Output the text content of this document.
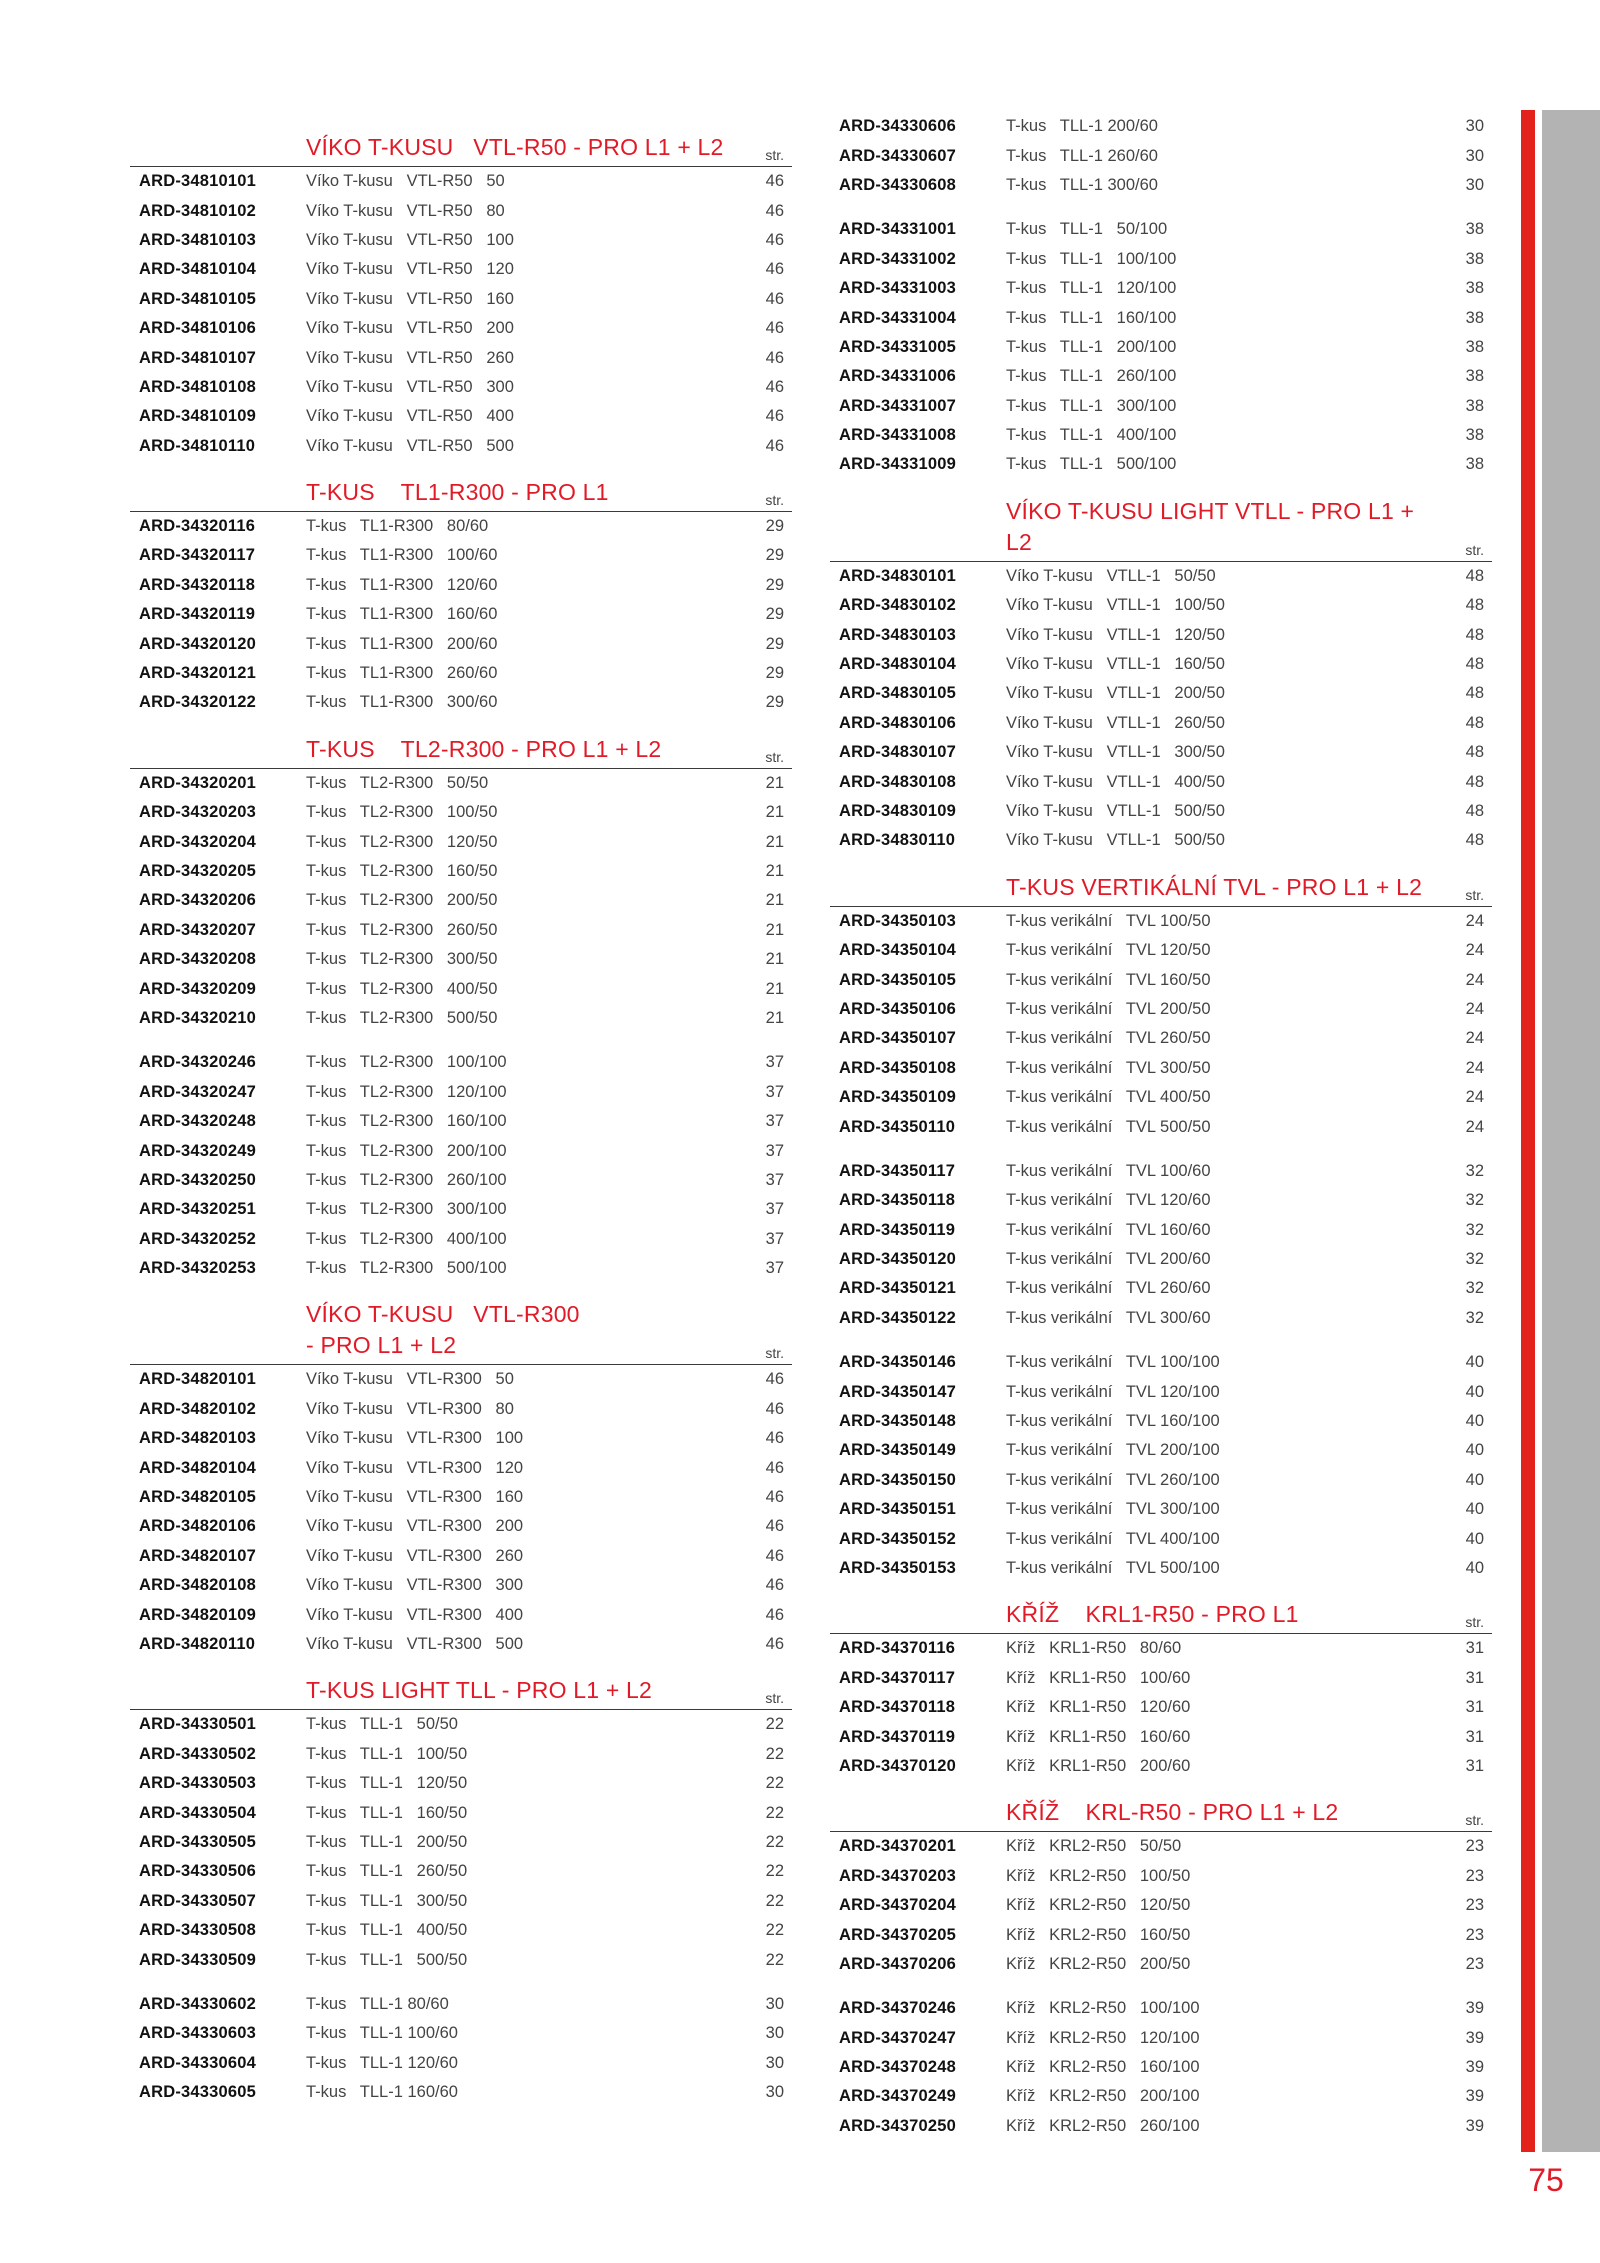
VÍKO T-KUSU   VTL-R50 - PRO L1 + L2	str.
ARD-34810101	Víko T-kusu   VTL-R50   50	46
ARD-34810102	Víko T-kusu   VTL-R50   80	46
ARD-34810103	Víko T-kusu   VTL-R50   100	46
ARD-34810104	Víko T-kusu   VTL-R50   120	46
ARD-34810105	Víko T-kusu   VTL-R50   160	46
ARD-34810106	Víko T-kusu   VTL-R50   200	46
ARD-34810107	Víko T-kusu   VTL-R50   260	46
ARD-34810108	Víko T-kusu   VTL-R50   300	46
ARD-34810109	Víko T-kusu   VTL-R50   400	46
ARD-34810110	Víko T-kusu   VTL-R50   500	46
T-KUS    TL1-R300 - PRO L1	str.
ARD-34320116	T-kus   TL1-R300   80/60	29
ARD-34320117	T-kus   TL1-R300   100/60	29
ARD-34320118	T-kus   TL1-R300   120/60	29
ARD-34320119	T-kus   TL1-R300   160/60	29
ARD-34320120	T-kus   TL1-R300   200/60	29
ARD-34320121	T-kus   TL1-R300   260/60	29
ARD-34320122	T-kus   TL1-R300   300/60	29
T-KUS    TL2-R300 - PRO L1 + L2	str.
ARD-34320201	T-kus   TL2-R300   50/50	21
ARD-34320203	T-kus   TL2-R300   100/50	21
ARD-34320204	T-kus   TL2-R300   120/50	21
ARD-34320205	T-kus   TL2-R300   160/50	21
ARD-34320206	T-kus   TL2-R300   200/50	21
ARD-34320207	T-kus   TL2-R300   260/50	21
ARD-34320208	T-kus   TL2-R300   300/50	21
ARD-34320209	T-kus   TL2-R300   400/50	21
ARD-34320210	T-kus   TL2-R300   500/50	21
ARD-34320246	T-kus   TL2-R300   100/100	37
ARD-34320247	T-kus   TL2-R300   120/100	37
ARD-34320248	T-kus   TL2-R300   160/100	37
ARD-34320249	T-kus   TL2-R300   200/100	37
ARD-34320250	T-kus   TL2-R300   260/100	37
ARD-34320251	T-kus   TL2-R300   300/100	37
ARD-34320252	T-kus   TL2-R300   400/100	37
ARD-34320253	T-kus   TL2-R300   500/100	37
VÍKO T-KUSU   VTL-R300
- PRO L1 + L2	str.
ARD-34820101	Víko T-kusu   VTL-R300   50	46
ARD-34820102	Víko T-kusu   VTL-R300   80	46
ARD-34820103	Víko T-kusu   VTL-R300   100	46
ARD-34820104	Víko T-kusu   VTL-R300   120	46
ARD-34820105	Víko T-kusu   VTL-R300   160	46
ARD-34820106	Víko T-kusu   VTL-R300   200	46
ARD-34820107	Víko T-kusu   VTL-R300   260	46
ARD-34820108	Víko T-kusu   VTL-R300   300	46
ARD-34820109	Víko T-kusu   VTL-R300   400	46
ARD-34820110	Víko T-kusu   VTL-R300   500	46
T-KUS LIGHT TLL - PRO L1 + L2	str.
ARD-34330501	T-kus   TLL-1   50/50	22
ARD-34330502	T-kus   TLL-1   100/50	22
ARD-34330503	T-kus   TLL-1   120/50	22
ARD-34330504	T-kus   TLL-1   160/50	22
ARD-34330505	T-kus   TLL-1   200/50	22
ARD-34330506	T-kus   TLL-1   260/50	22
ARD-34330507	T-kus   TLL-1   300/50	22
ARD-34330508	T-kus   TLL-1   400/50	22
ARD-34330509	T-kus   TLL-1   500/50	22
ARD-34330602	T-kus   TLL-1 80/60	30
ARD-34330603	T-kus   TLL-1 100/60	30
ARD-34330604	T-kus   TLL-1 120/60	30
ARD-34330605	T-kus   TLL-1 160/60	30
ARD-34330606	T-kus   TLL-1 200/60	30
ARD-34330607	T-kus   TLL-1 260/60	30
ARD-34330608	T-kus   TLL-1 300/60	30
ARD-34331001	T-kus   TLL-1   50/100	38
ARD-34331002	T-kus   TLL-1   100/100	38
ARD-34331003	T-kus   TLL-1   120/100	38
ARD-34331004	T-kus   TLL-1   160/100	38
ARD-34331005	T-kus   TLL-1   200/100	38
ARD-34331006	T-kus   TLL-1   260/100	38
ARD-34331007	T-kus   TLL-1   300/100	38
ARD-34331008	T-kus   TLL-1   400/100	38
ARD-34331009	T-kus   TLL-1   500/100	38
VÍKO T-KUSU LIGHT VTLL - PRO L1 + L2	str.
ARD-34830101	Víko T-kusu   VTLL-1   50/50	48
ARD-34830102	Víko T-kusu   VTLL-1   100/50	48
ARD-34830103	Víko T-kusu   VTLL-1   120/50	48
ARD-34830104	Víko T-kusu   VTLL-1   160/50	48
ARD-34830105	Víko T-kusu   VTLL-1   200/50	48
ARD-34830106	Víko T-kusu   VTLL-1   260/50	48
ARD-34830107	Víko T-kusu   VTLL-1   300/50	48
ARD-34830108	Víko T-kusu   VTLL-1   400/50	48
ARD-34830109	Víko T-kusu   VTLL-1   500/50	48
ARD-34830110	Víko T-kusu   VTLL-1   500/50	48
T-KUS VERTIKÁLNÍ TVL - PRO L1 + L2	str.
ARD-34350103	T-kus verikální   TVL 100/50	24
ARD-34350104	T-kus verikální   TVL 120/50	24
ARD-34350105	T-kus verikální   TVL 160/50	24
ARD-34350106	T-kus verikální   TVL 200/50	24
ARD-34350107	T-kus verikální   TVL 260/50	24
ARD-34350108	T-kus verikální   TVL 300/50	24
ARD-34350109	T-kus verikální   TVL 400/50	24
ARD-34350110	T-kus verikální   TVL 500/50	24
ARD-34350117	T-kus verikální   TVL 100/60	32
ARD-34350118	T-kus verikální   TVL 120/60	32
ARD-34350119	T-kus verikální   TVL 160/60	32
ARD-34350120	T-kus verikální   TVL 200/60	32
ARD-34350121	T-kus verikální   TVL 260/60	32
ARD-34350122	T-kus verikální   TVL 300/60	32
ARD-34350146	T-kus verikální   TVL 100/100	40
ARD-34350147	T-kus verikální   TVL 120/100	40
ARD-34350148	T-kus verikální   TVL 160/100	40
ARD-34350149	T-kus verikální   TVL 200/100	40
ARD-34350150	T-kus verikální   TVL 260/100	40
ARD-34350151	T-kus verikální   TVL 300/100	40
ARD-34350152	T-kus verikální   TVL 400/100	40
ARD-34350153	T-kus verikální   TVL 500/100	40
KŘÍŽ    KRL1-R50 - PRO L1	str.
ARD-34370116	Kříž   KRL1-R50   80/60	31
ARD-34370117	Kříž   KRL1-R50   100/60	31
ARD-34370118	Kříž   KRL1-R50   120/60	31
ARD-34370119	Kříž   KRL1-R50   160/60	31
ARD-34370120	Kříž   KRL1-R50   200/60	31
KŘÍŽ    KRL-R50 - PRO L1 + L2	str.
ARD-34370201	Kříž   KRL2-R50   50/50	23
ARD-34370203	Kříž   KRL2-R50   100/50	23
ARD-34370204	Kříž   KRL2-R50   120/50	23
ARD-34370205	Kříž   KRL2-R50   160/50	23
ARD-34370206	Kříž   KRL2-R50   200/50	23
ARD-34370246	Kříž   KRL2-R50   100/100	39
ARD-34370247	Kříž   KRL2-R50   120/100	39
ARD-34370248	Kříž   KRL2-R50   160/100	39
ARD-34370249	Kříž   KRL2-R50   200/100	39
ARD-34370250	Kříž   KRL2-R50   260/100	39
75
